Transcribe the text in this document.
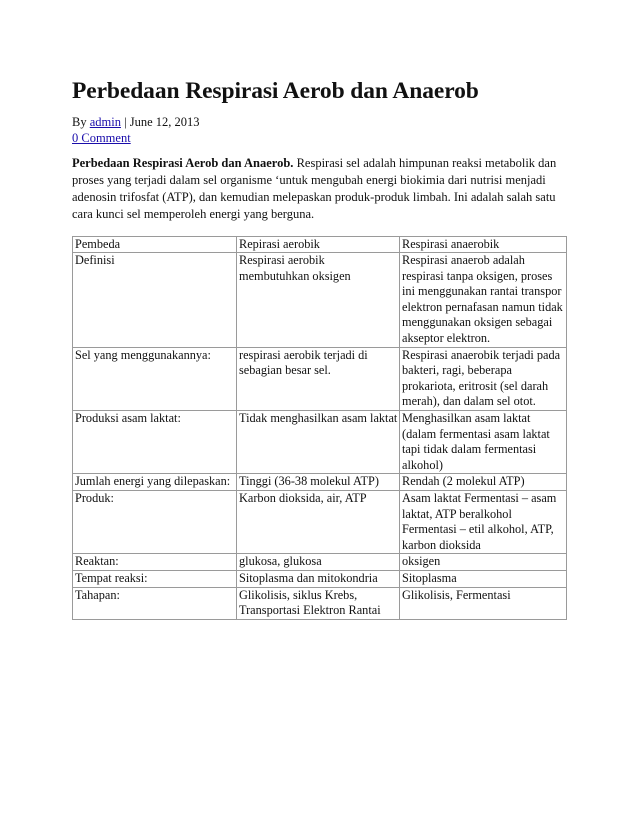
Perbedaan Respirasi Aerob dan Anaerob
By admin | June 12, 2013
0 Comment

Perbedaan Respirasi Aerob dan Anaerob. Respirasi sel adalah himpunan reaksi metabolik dan proses yang terjadi dalam sel organisme ‘untuk mengubah energi biokimia dari nutrisi menjadi adenosin trifosfat (ATP), dan kemudian melepaskan produk-produk limbah. Ini adalah salah satu cara kunci sel memperoleh energi yang berguna.

Pembeda	Repirasi aerobik	Respirasi anaerobik
Definisi	Respirasi aerobik membutuhkan oksigen	Respirasi anaerob adalah respirasi tanpa oksigen, proses ini menggunakan rantai transpor elektron pernafasan namun tidak menggunakan oksigen sebagai akseptor elektron.
Sel yang menggunakannya:	respirasi aerobik terjadi di sebagian besar sel.	Respirasi anaerobik terjadi pada bakteri, ragi, beberapa prokariota, eritrosit (sel darah merah), dan dalam sel otot.
Produksi asam laktat:	Tidak menghasilkan asam laktat	Menghasilkan asam laktat (dalam fermentasi asam laktat tapi tidak dalam fermentasi alkohol)
Jumlah energi yang dilepaskan:	Tinggi (36-38 molekul ATP)	Rendah (2 molekul ATP)
Produk:	Karbon dioksida, air, ATP	Asam laktat Fermentasi – asam laktat, ATP beralkohol Fermentasi – etil alkohol, ATP, karbon dioksida
Reaktan:	glukosa, glukosa	oksigen
Tempat reaksi:	Sitoplasma dan mitokondria	Sitoplasma
Tahapan:	Glikolisis, siklus Krebs, Transportasi Elektron Rantai	Glikolisis, Fermentasi
